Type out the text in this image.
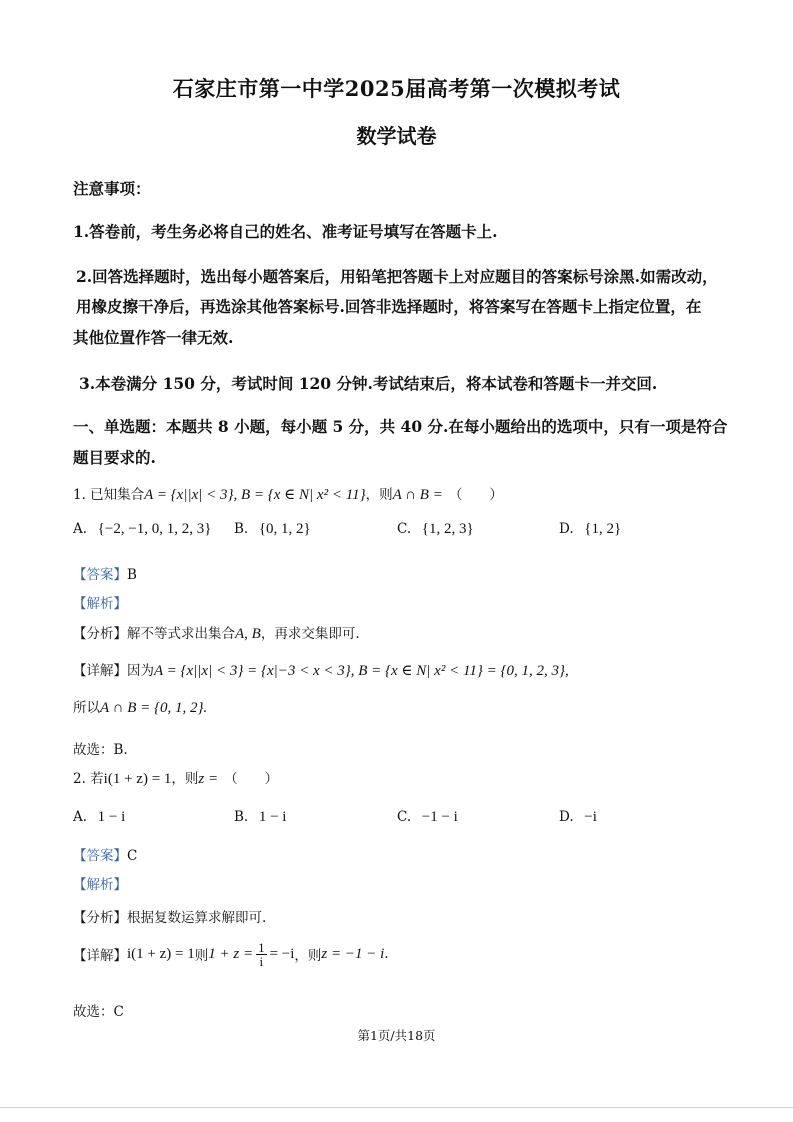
石家庄市第一中学2025届高考第一次模拟考试
数学试卷
注意事项：
1.答卷前，考生务必将自己的姓名、准考证号填写在答题卡上.
2.回答选择题时，选出每小题答案后，用铅笔把答题卡上对应题目的答案标号涂黑.如需改动，
用橡皮擦干净后，再选涂其他答案标号.回答非选择题时，将答案写在答题卡上指定位置，在
其他位置作答一律无效.
3.本卷满分 150 分，考试时间 120 分钟.考试结束后，将本试卷和答题卡一并交回.
一、单选题：本题共 8 小题，每小题 5 分，共 40 分.在每小题给出的选项中，只有一项是符合
题目要求的.
1. 已知集合A = {x||x| < 3}, B = {x ∈ N| x² < 11}，则A ∩ B = （　　）
A. {−2, −1, 0, 1, 2, 3} B. {0, 1, 2}	C. {1, 2, 3}	D. {1, 2}
【答案】B
【解析】
【分析】解不等式求出集合A, B，再求交集即可.
【详解】因为A = {x||x| < 3} = {x|−3 < x < 3}, B = {x ∈ N| x² < 11} = {0, 1, 2, 3},
所以A ∩ B = {0, 1, 2}.
故选：B.
2. 若i(1 + z) = 1，则z = （　　）
A. 1 − i	B. 1 − i	C. −1 − i	D. −i
【答案】C
【解析】
【分析】根据复数运算求解即可.
【详解】 i(1 + z) = 1 则 $1 + z = \frac{1}{i} = -i$ ，则 z = −1 − i .
故选：C
第1页/共18页
